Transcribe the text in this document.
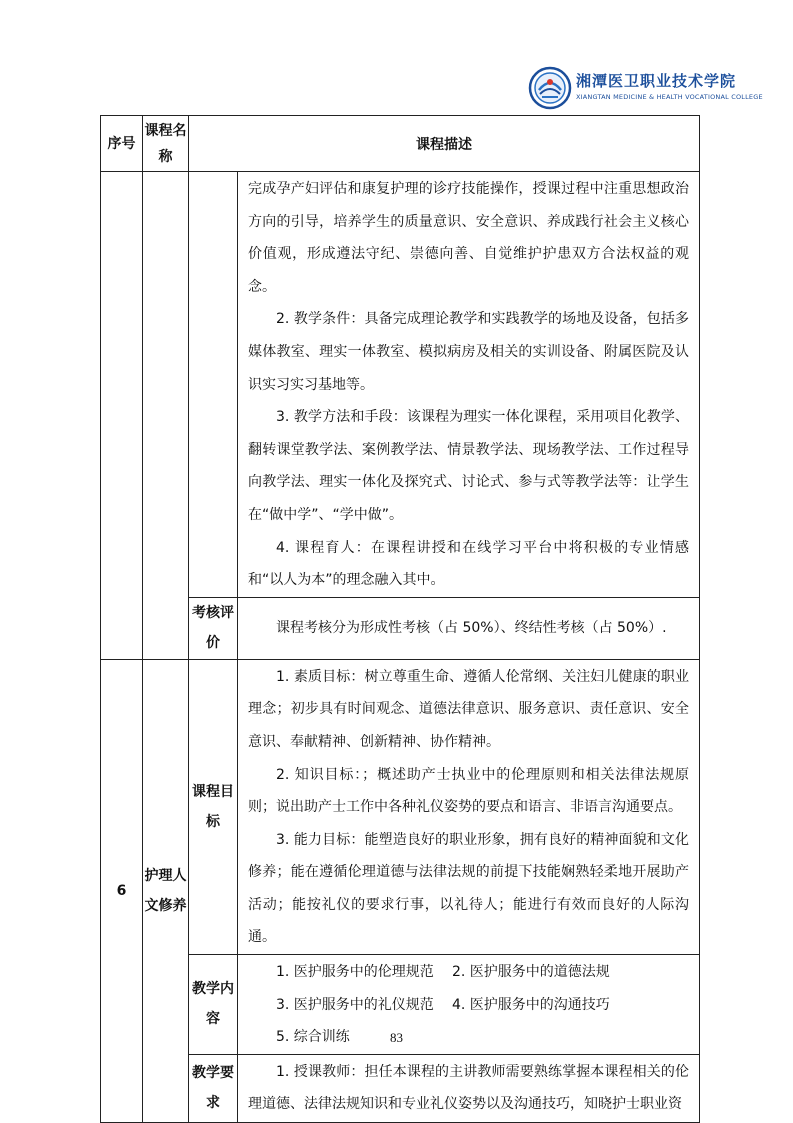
湘潭医卫职业技术学院
XIANGTAN MEDICINE & HEALTH VOCATIONAL COLLEGE
序号	课程名称	课程描述	

			完成孕产妇评估和康复护理的诊疗技能操作，授课过程中注重思想政治方向的引导，培养学生的质量意识、安全意识、养成践行社会主义核心价值观，形成遵法守纪、崇德向善、自觉维护护患双方合法权益的观念。

2. 教学条件：具备完成理论教学和实践教学的场地及设备，包括多媒体教室、理实一体教室、模拟病房及相关的实训设备、附属医院及认识实习实习基地等。

3. 教学方法和手段：该课程为理实一体化课程，采用项目化教学、翻转课堂教学法、案例教学法、情景教学法、现场教学法、工作过程导向教学法、理实一体化及探究式、讨论式、参与式等教学法等：让学生在“做中学”、“学中做”。

4. 课程育人：在课程讲授和在线学习平台中将积极的专业情感和“以人为本”的理念融入其中。

		考核评价	课程考核分为形成性考核（占 50%）、终结性考核（占 50%）.

6	护理人文修养	课程目标	1. 素质目标：树立尊重生命、遵循人伦常纲、关注妇儿健康的职业理念；初步具有时间观念、道德法律意识、服务意识、责任意识、安全意识、奉献精神、创新精神、协作精神。

2. 知识目标：；概述助产士执业中的伦理原则和相关法律法规原则；说出助产士工作中各种礼仪姿势的要点和语言、非语言沟通要点。

3. 能力目标：能塑造良好的职业形象，拥有良好的精神面貌和文化修养；能在遵循伦理道德与法律法规的前提下技能娴熟轻柔地开展助产活动；能按礼仪的要求行事，以礼待人；能进行有效而良好的人际沟通。

		教学内容	1. 医护服务中的伦理规范 2. 医护服务中的道德法规
3. 医护服务中的礼仪规范 4. 医护服务中的沟通技巧
5. 综合训练

		教学要求	1. 授课教师：担任本课程的主讲教师需要熟练掌握本课程相关的伦理道德、法律法规知识和专业礼仪姿势以及沟通技巧，知晓护士职业资

83
